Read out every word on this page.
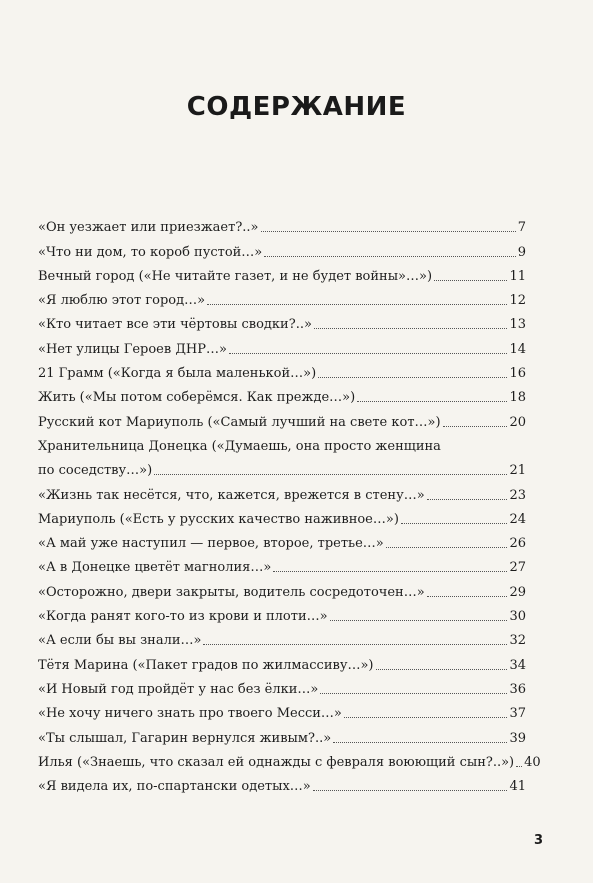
СОДЕРЖАНИЕ
«Он уезжает или приезжает?..»	7
«Что ни дом, то короб пустой…»	9
Вечный город («Не читайте газет, и не будет войны»…»)	11
«Я люблю этот город…»	12
«Кто читает все эти чёртовы сводки?..»	13
«Нет улицы Героев ДНР…»	14
21 Грамм («Когда я была маленькой…»)	16
Жить («Мы потом соберёмся. Как прежде…»)	18
Русский кот Мариуполь («Самый лучший на свете кот…»)	20
Хранительница Донецка («Думаешь, она просто женщина
по соседству…»)	21
«Жизнь так несётся, что, кажется, врежется в стену…»	23
Мариуполь («Есть у русских качество наживное…»)	24
«А май уже наступил — первое, второе, третье…»	26
«А в Донецке цветёт магнолия…»	27
«Осторожно, двери закрыты, водитель сосредоточен…»	29
«Когда ранят кого-то из крови и плоти…»	30
«А если бы вы знали…»	32
Тётя Марина («Пакет градов по жилмассиву…»)	34
«И Новый год пройдёт у нас без ёлки…»	36
«Не хочу ничего знать про твоего Месси…»	37
«Ты слышал, Гагарин вернулся живым?..»	39
Илья («Знаешь, что сказал ей однажды с февраля воюющий сын?..») 40
«Я видела их, по-спартански одетых…»	41
3
